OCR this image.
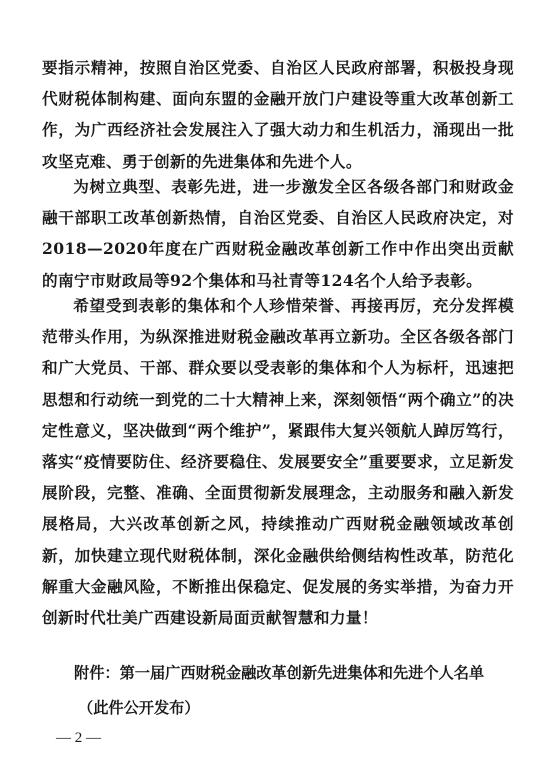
要指示精神，按照自治区党委、自治区人民政府部署，积极投身现代财税体制构建、面向东盟的金融开放门户建设等重大改革创新工作，为广西经济社会发展注入了强大动力和生机活力，涌现出一批攻坚克难、勇于创新的先进集体和先进个人。

为树立典型、表彰先进，进一步激发全区各级各部门和财政金融干部职工改革创新热情，自治区党委、自治区人民政府决定，对2018—2020年度在广西财税金融改革创新工作中作出突出贡献的南宁市财政局等92个集体和马社青等124名个人给予表彰。

希望受到表彰的集体和个人珍惜荣誉、再接再厉，充分发挥模范带头作用，为纵深推进财税金融改革再立新功。全区各级各部门和广大党员、干部、群众要以受表彰的集体和个人为标杆，迅速把思想和行动统一到党的二十大精神上来，深刻领悟“两个确立”的决定性意义，坚决做到“两个维护”，紧跟伟大复兴领航人踔厉笃行，落实“疫情要防住、经济要稳住、发展要安全”重要要求，立足新发展阶段，完整、准确、全面贯彻新发展理念，主动服务和融入新发展格局，大兴改革创新之风，持续推动广西财税金融领域改革创新，加快建立现代财税体制，深化金融供给侧结构性改革，防范化解重大金融风险，不断推出保稳定、促发展的务实举措，为奋力开创新时代壮美广西建设新局面贡献智慧和力量！

附件：第一届广西财税金融改革创新先进集体和先进个人名单

（此件公开发布）

— 2 —
